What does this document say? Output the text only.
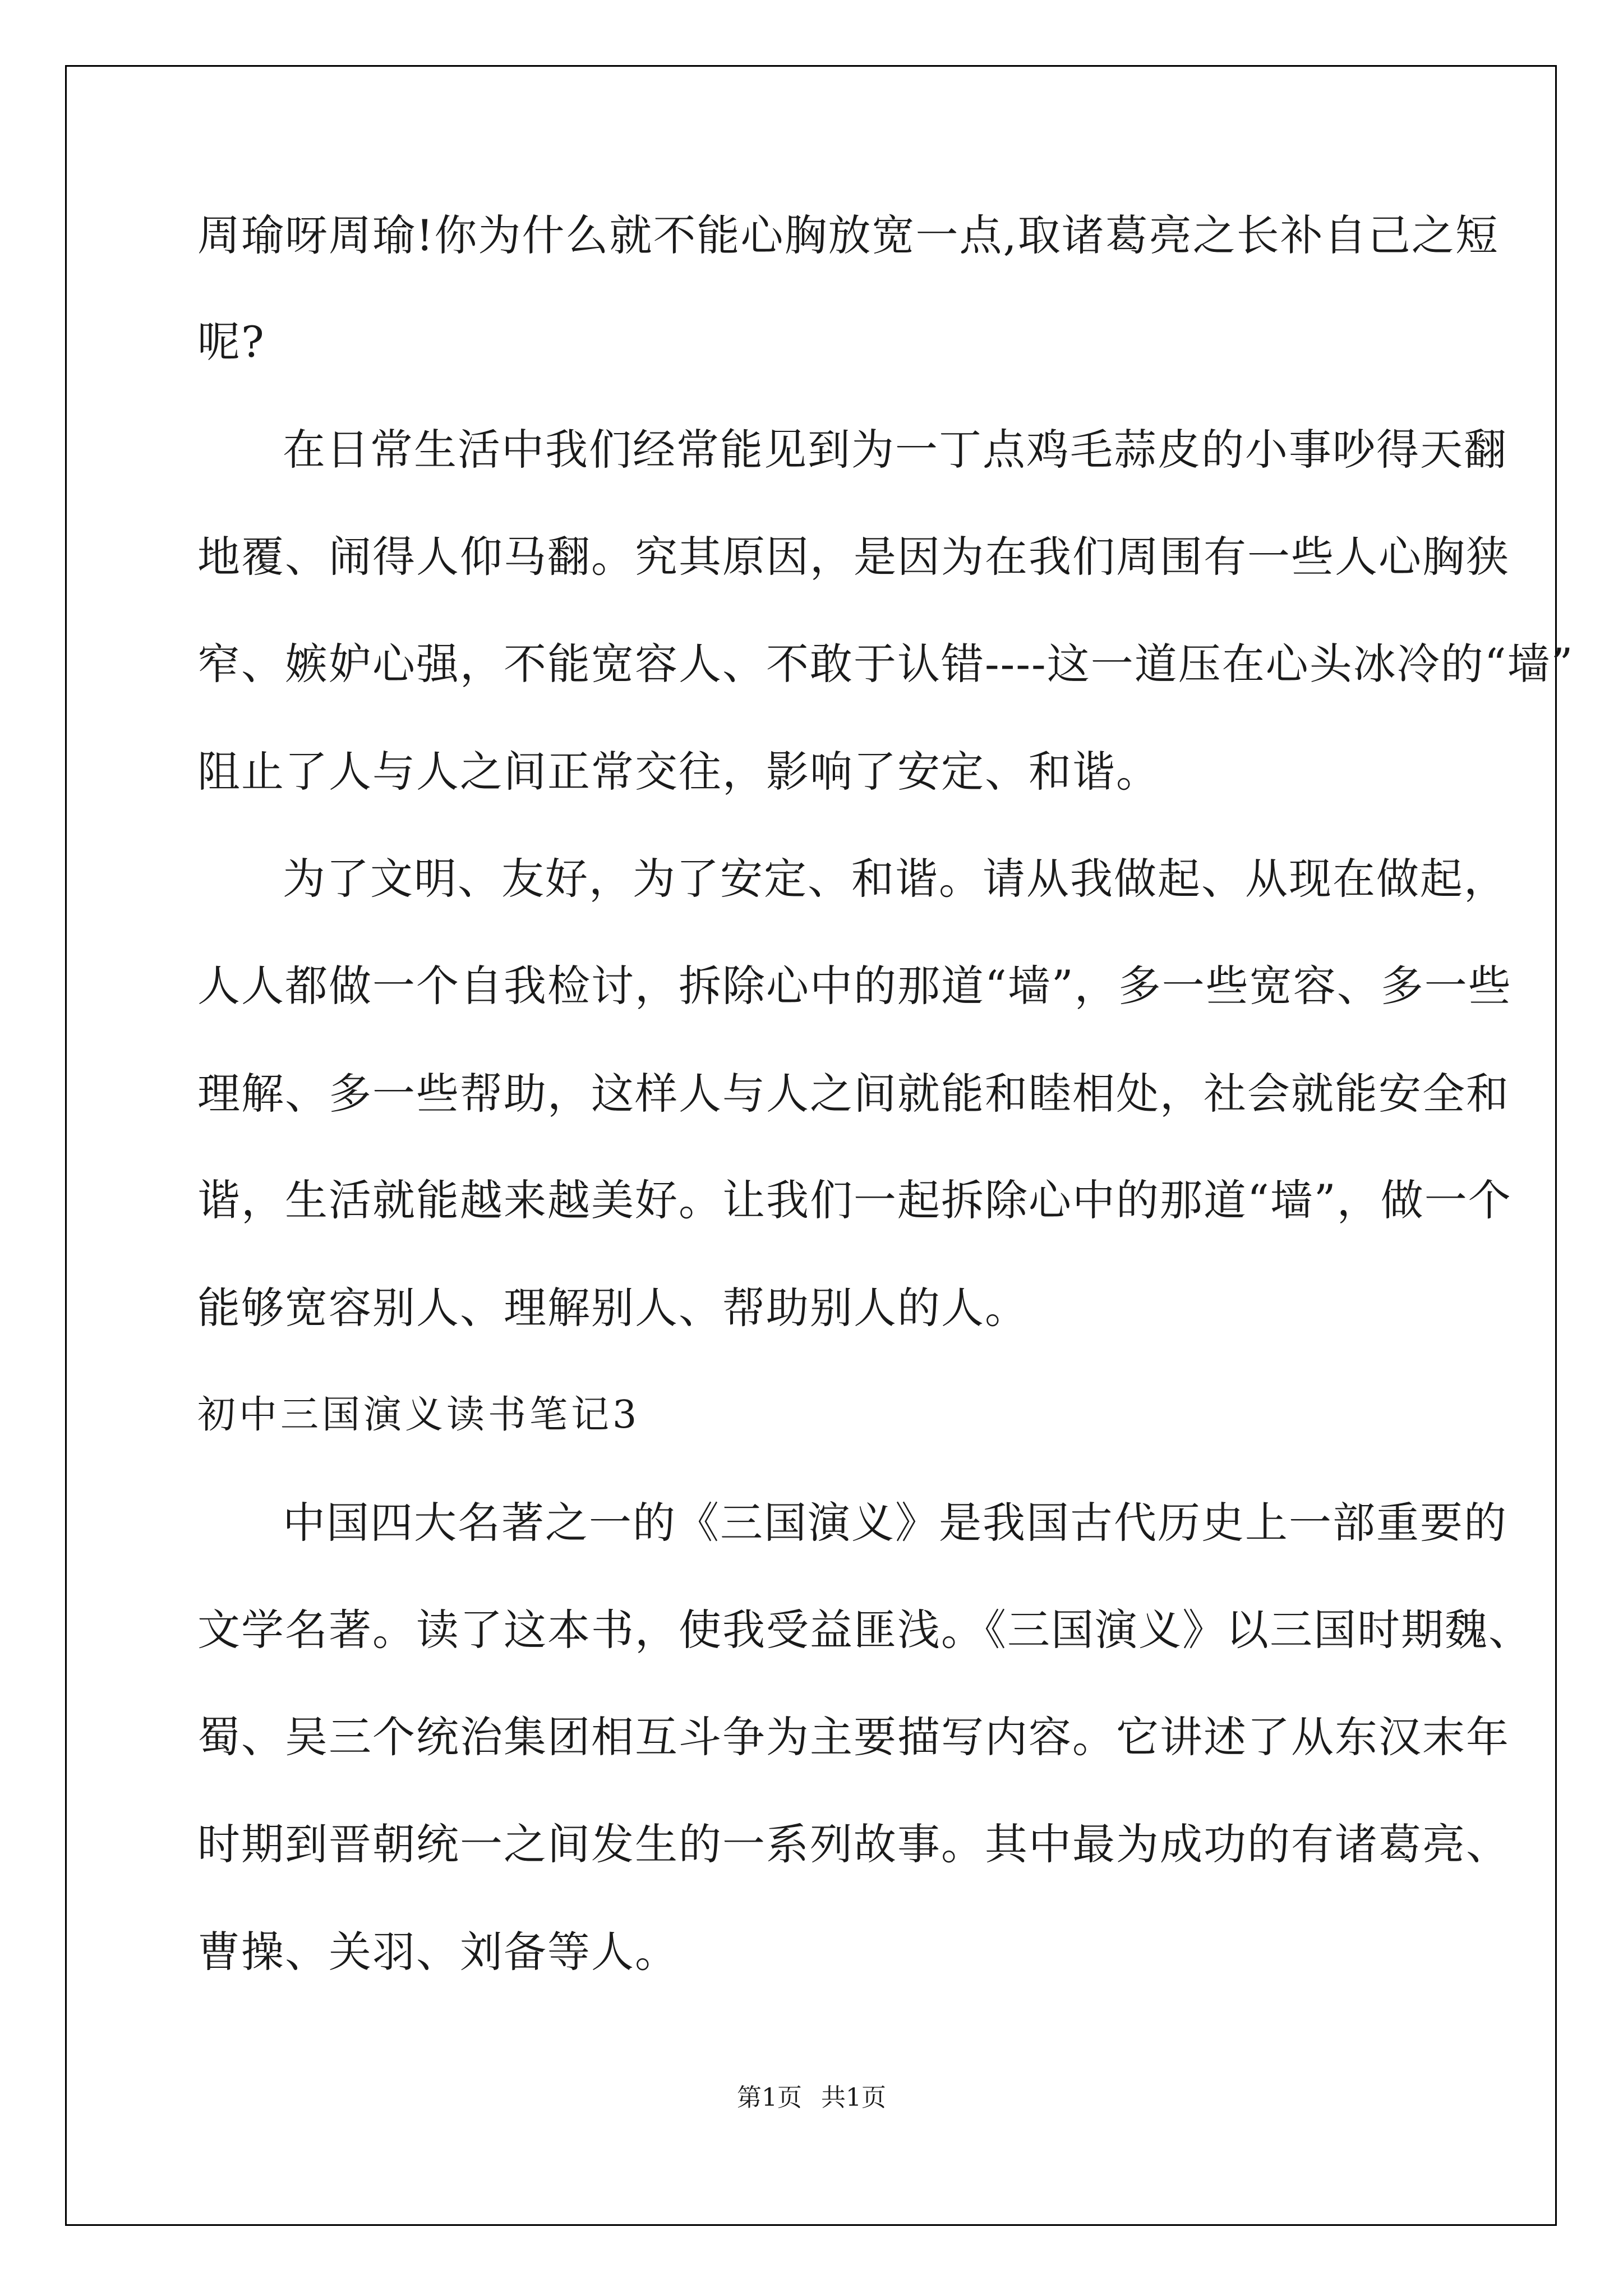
周瑜呀周瑜!你为什么就不能心胸放宽一点,取诸葛亮之长补自己之短
呢?
在日常生活中我们经常能见到为一丁点鸡毛蒜皮的小事吵得天翻
地覆、闹得人仰马翻。究其原因，是因为在我们周围有一些人心胸狭
窄、嫉妒心强，不能宽容人、不敢于认错----这一道压在心头冰冷的“墙”
阻止了人与人之间正常交往，影响了安定、和谐。
为了文明、友好，为了安定、和谐。请从我做起、从现在做起，
人人都做一个自我检讨，拆除心中的那道“墙”，多一些宽容、多一些
理解、多一些帮助，这样人与人之间就能和睦相处，社会就能安全和
谐，生活就能越来越美好。让我们一起拆除心中的那道“墙”，做一个
能够宽容别人、理解别人、帮助别人的人。
初中三国演义读书笔记3
中国四大名著之一的《三国演义》是我国古代历史上一部重要的
文学名著。读了这本书，使我受益匪浅。《三国演义》以三国时期魏、
蜀、吴三个统治集团相互斗争为主要描写内容。它讲述了从东汉末年
时期到晋朝统一之间发生的一系列故事。其中最为成功的有诸葛亮、
曹操、关羽、刘备等人。
第1页 共1页
